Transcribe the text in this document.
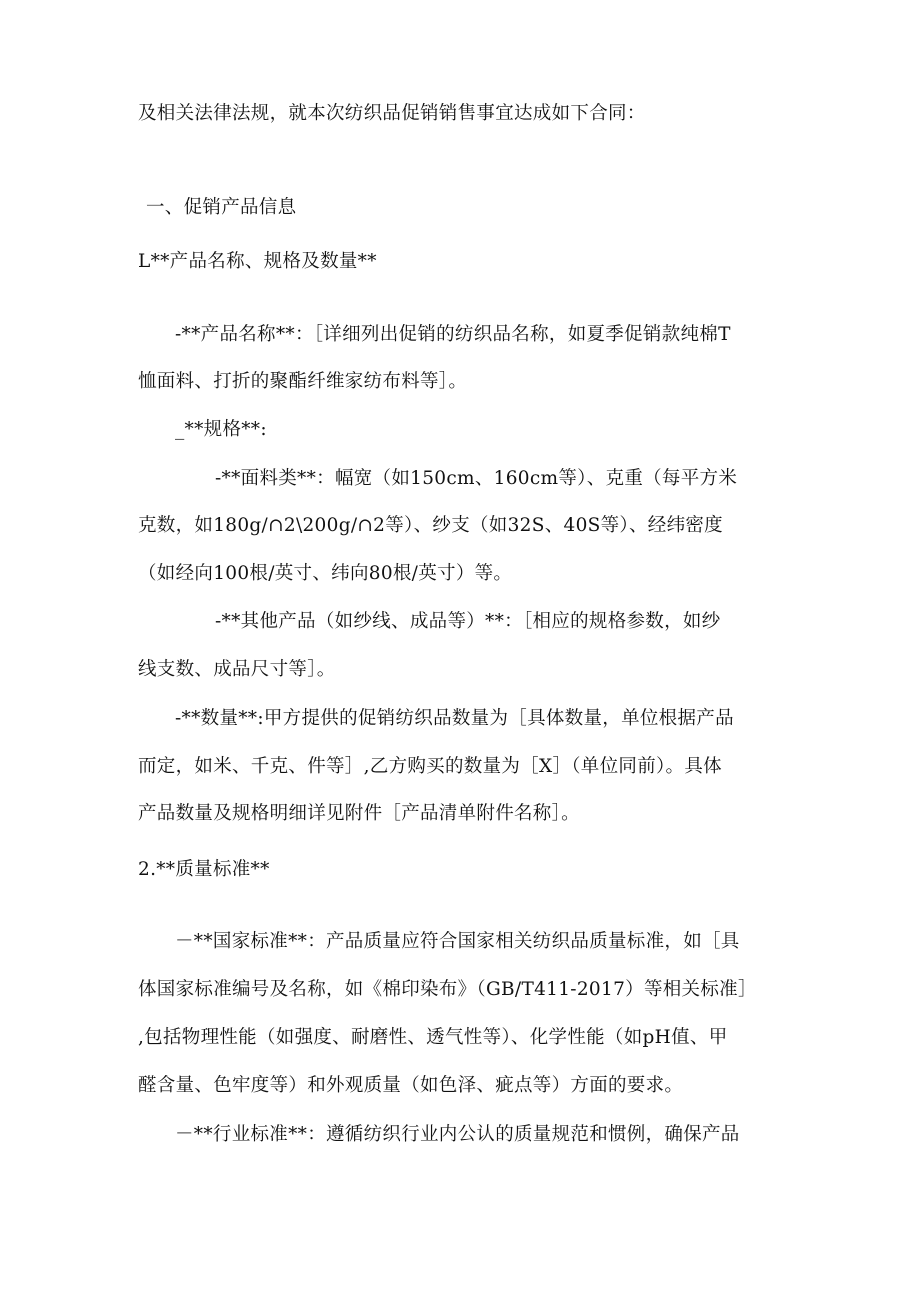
及相关法律法规，就本次纺织品促销销售事宜达成如下合同：
一、促销产品信息
L**产品名称、规格及数量**
-**产品名称**：［详细列出促销的纺织品名称，如夏季促销款纯棉T
恤面料、打折的聚酯纤维家纺布料等］。
_**规格**:
-**面料类**：幅宽（如150cm、160cm等）、克重（每平方米
克数，如180g∕∩2\200g∕∩2等）、纱支（如32S、40S等）、经纬密度
（如经向100根/英寸、纬向80根/英寸）等。
-**其他产品（如纱线、成品等）**：［相应的规格参数，如纱
线支数、成品尺寸等］。
-**数量**:甲方提供的促销纺织品数量为［具体数量，单位根据产品
而定，如米、千克、件等］,乙方购买的数量为［X］（单位同前）。具体
产品数量及规格明细详见附件［产品清单附件名称］。
2.**质量标准**
－**国家标准**：产品质量应符合国家相关纺织品质量标准，如［具
体国家标准编号及名称，如《棉印染布》（GB/T411-2017）等相关标准］
,包括物理性能（如强度、耐磨性、透气性等）、化学性能（如pH值、甲
醛含量、色牢度等）和外观质量（如色泽、疵点等）方面的要求。
－**行业标准**：遵循纺织行业内公认的质量规范和惯例，确保产品
